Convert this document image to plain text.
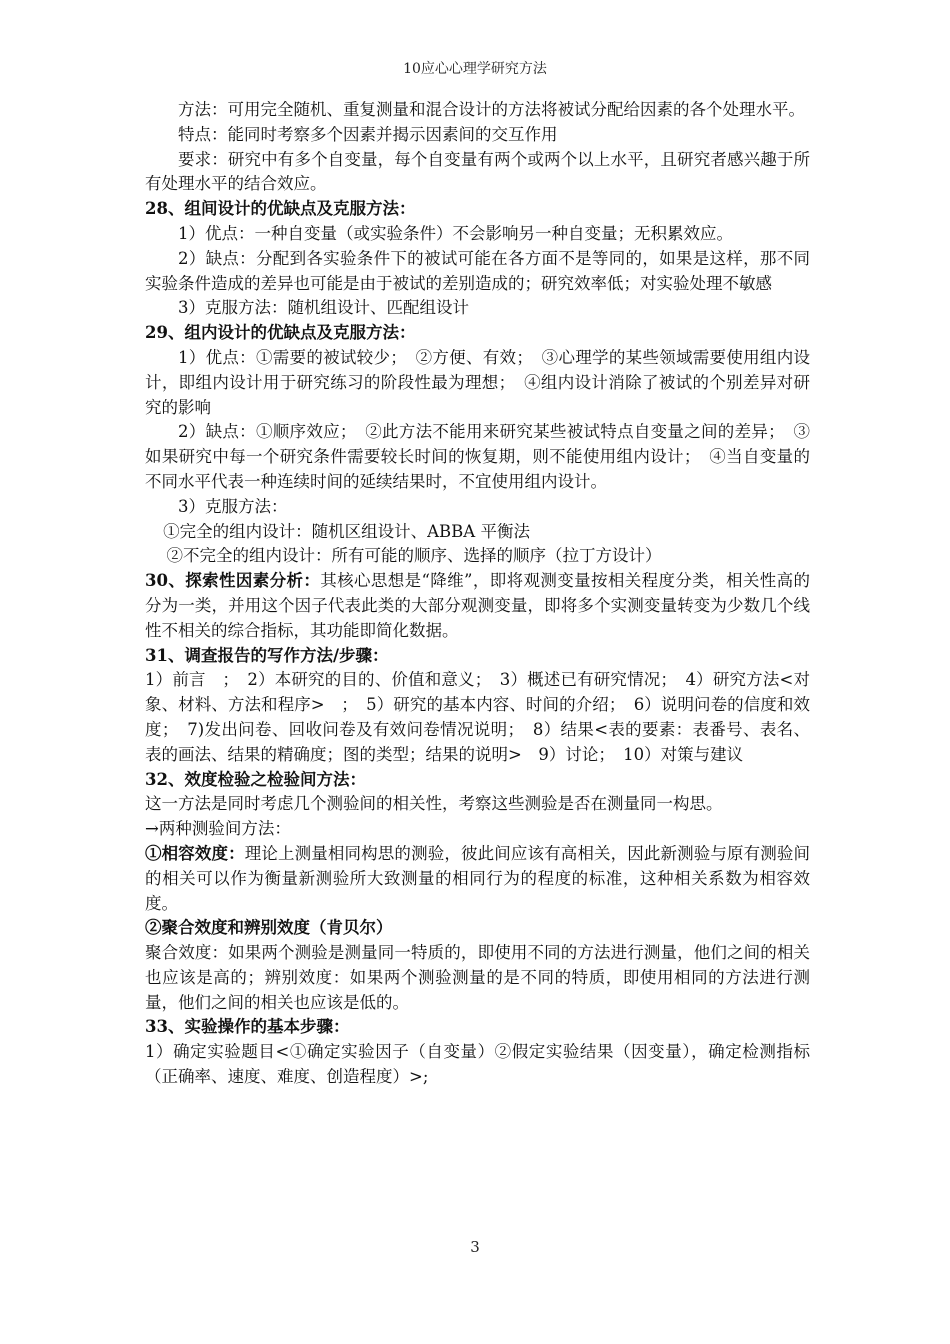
10应心心理学研究方法

方法：可用完全随机、重复测量和混合设计的方法将被试分配给因素的各个处理水平。

特点：能同时考察多个因素并揭示因素间的交互作用

要求：研究中有多个自变量，每个自变量有两个或两个以上水平，且研究者感兴趣于所有处理水平的结合效应。

28、组间设计的优缺点及克服方法：

1）优点：一种自变量（或实验条件）不会影响另一种自变量；无积累效应。

2）缺点：分配到各实验条件下的被试可能在各方面不是等同的，如果是这样，那不同实验条件造成的差异也可能是由于被试的差别造成的；研究效率低；对实验处理不敏感

3）克服方法：随机组设计、匹配组设计

29、组内设计的优缺点及克服方法：

1）优点：①需要的被试较少；　②方便、有效；　③心理学的某些领域需要使用组内设计，即组内设计用于研究练习的阶段性最为理想；　④组内设计消除了被试的个别差异对研究的影响

2）缺点：①顺序效应；　②此方法不能用来研究某些被试特点自变量之间的差异；　③如果研究中每一个研究条件需要较长时间的恢复期，则不能使用组内设计；　④当自变量的不同水平代表一种连续时间的延续结果时，不宜使用组内设计。

3）克服方法：

①完全的组内设计：随机区组设计、ABBA 平衡法

②不完全的组内设计：所有可能的顺序、选择的顺序（拉丁方设计）

30、探索性因素分析：其核心思想是“降维”，即将观测变量按相关程度分类，相关性高的分为一类，并用这个因子代表此类的大部分观测变量，即将多个实测变量转变为少数几个线性不相关的综合指标，其功能即简化数据。

31、调查报告的写作方法/步骤：

1）前言　；　2）本研究的目的、价值和意义；　3）概述已有研究情况；　4）研究方法<对象、材料、方法和程序>　；　5）研究的基本内容、时间的介绍；　6）说明问卷的信度和效度；　7)发出问卷、回收问卷及有效问卷情况说明；　8）结果<表的要素：表番号、表名、表的画法、结果的精确度；图的类型；结果的说明>　9）讨论；　10）对策与建议

32、效度检验之检验间方法：

这一方法是同时考虑几个测验间的相关性，考察这些测验是否在测量同一构思。

→两种测验间方法：

①相容效度：理论上测量相同构思的测验，彼此间应该有高相关，因此新测验与原有测验间的相关可以作为衡量新测验所大致测量的相同行为的程度的标准，这种相关系数为相容效度。

②聚合效度和辨别效度（肯贝尔）

聚合效度：如果两个测验是测量同一特质的，即使用不同的方法进行测量，他们之间的相关也应该是高的；辨别效度：如果两个测验测量的是不同的特质，即使用相同的方法进行测量，他们之间的相关也应该是低的。

33、实验操作的基本步骤：

1）确定实验题目<①确定实验因子（自变量）②假定实验结果（因变量），确定检测指标（正确率、速度、难度、创造程度）>;

3
